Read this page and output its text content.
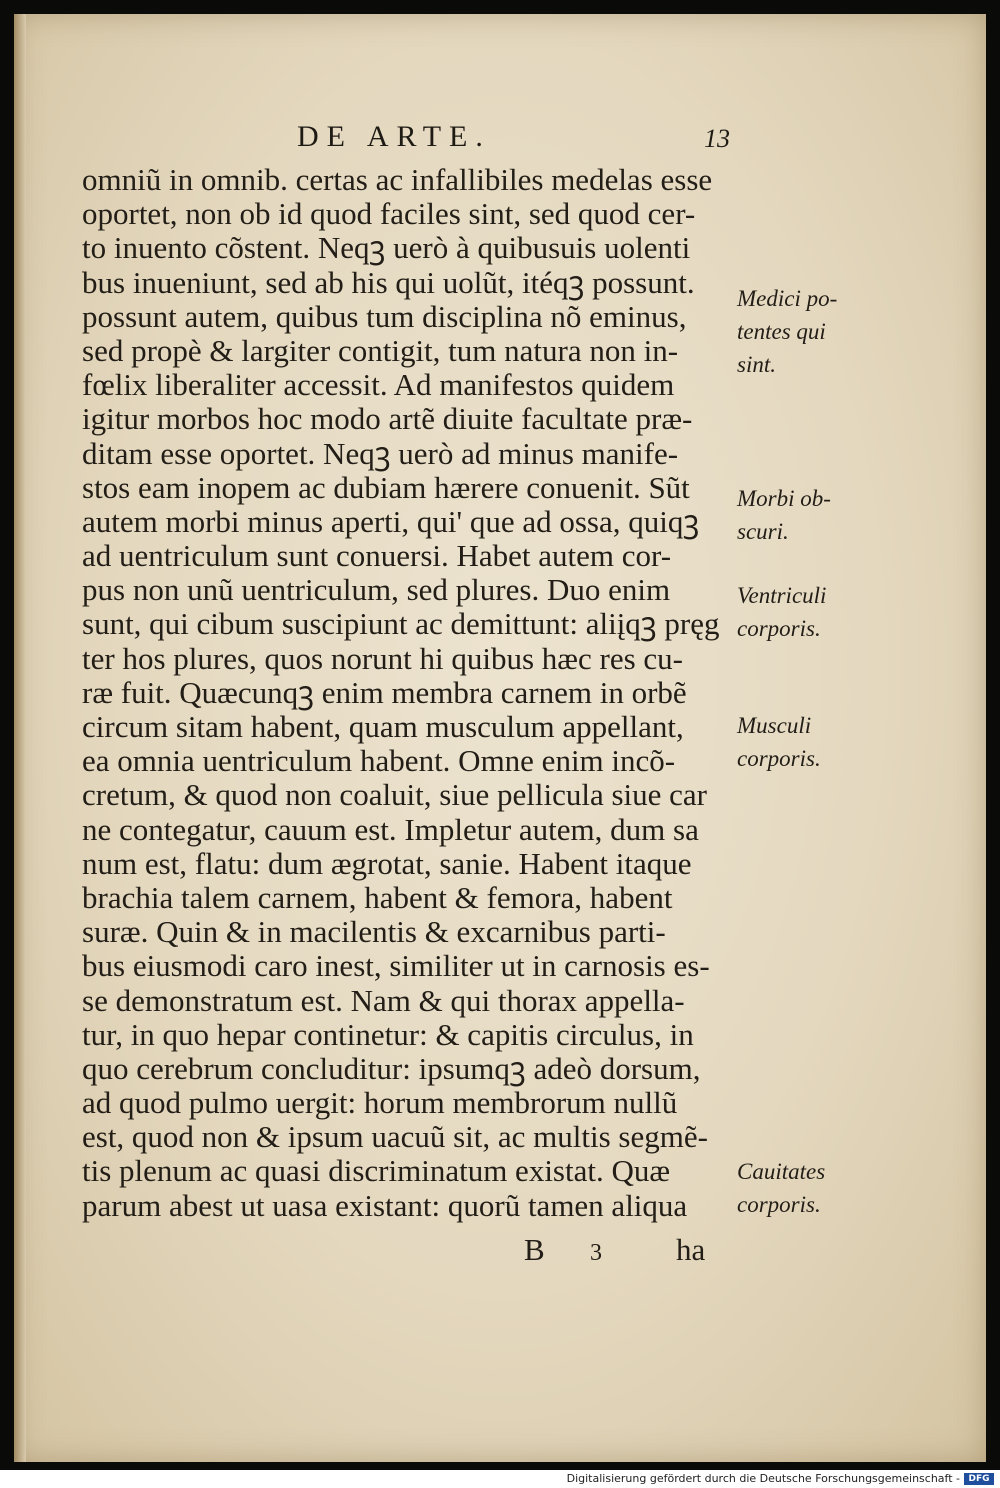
DE ARTE.	13
omniũ in omnib. certas ac infallibiles medelas esse
oportet, non ob id quod faciles sint, sed quod cer-
to inuento cõstent. Neqꝫ uerò à quibusuis uolenti
bus inueniunt, sed ab his qui uolũt, itéqꝫ possunt.
possunt autem, quibus tum disciplina nõ eminus,
sed propè & largiter contigit, tum natura non in-
fœlix liberaliter accessit. Ad manifestos quidem
igitur morbos hoc modo artẽ diuite facultate præ-
ditam esse oportet. Neqꝫ uerò ad minus manife-
stos eam inopem ac dubiam hærere conuenit. Sũt
autem morbi minus aperti, qui' que ad ossa, quiqꝫ
ad uentriculum sunt conuersi. Habet autem cor-
pus non unũ uentriculum, sed plures. Duo enim
sunt, qui cibum suscipiunt ac demittunt: aliįqꝫ pręg
ter hos plures, quos norunt hi quibus hæc res cu-
ræ fuit. Quæcunqꝫ enim membra carnem in orbẽ
circum sitam habent, quam musculum appellant,
ea omnia uentriculum habent. Omne enim incõ-
cretum, & quod non coaluit, siue pellicula siue car
ne contegatur, cauum est. Impletur autem, dum sa
num est, flatu: dum ægrotat, sanie. Habent itaque
brachia talem carnem, habent & femora, habent
suræ. Quin & in macilentis & excarnibus parti-
bus eiusmodi caro inest, similiter ut in carnosis es-
se demonstratum est. Nam & qui thorax appella-
tur, in quo hepar continetur: & capitis circulus, in
quo cerebrum concluditur: ipsumqꝫ adeò dorsum,
ad quod pulmo uergit: horum membrorum nullũ
est, quod non & ipsum uacuũ sit, ac multis segmẽ-
tis plenum ac quasi discriminatum existat. Quæ
parum abest ut uasa existant: quorũ tamen aliqua
B 3 ha
Medici po-
tentes qui
sint.
Morbi ob-
scuri.
Ventriculi
corporis.
Musculi
corporis.
Cauitates
corporis.
Digitalisierung gefördert durch die Deutsche Forschungsgemeinschaft - DFG
